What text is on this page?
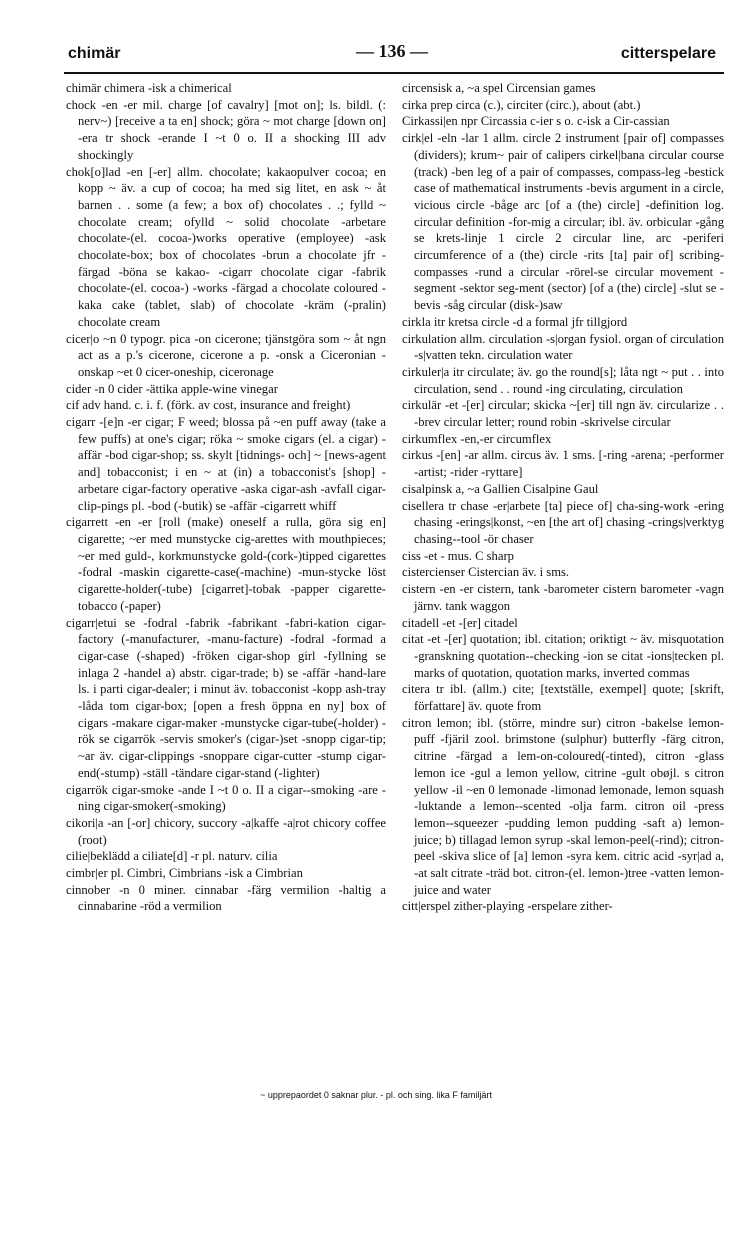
chimär	— 136 —	citterspelare

chimär chimera -isk a chimerical

chock -en -er mil. charge [of cavalry] [mot on]; ls. bildl. (: nerv~) [receive a ta en] shock; göra ~ mot charge [down on] -era tr shock -erande I ~t 0 o. II a shocking III adv shockingly

chok[o]lad -en [-er] allm. chocolate; kakaopulver cocoa; en kopp ~ äv. a cup of cocoa; ha med sig litet, en ask ~ åt barnen . . some (a few; a box of) chocolates . .; fylld ~ chocolate cream; ofylld ~ solid chocolate -arbetare chocolate-(el. cocoa-)works operative (employee) -ask chocolate-box; box of chocolates -brun a chocolate jfr -färgad -böna se kakao- -cigarr chocolate cigar -fabrik chocolate-(el. cocoa-) -works -färgad a chocolate coloured -kaka cake (tablet, slab) of chocolate -kräm (-pralin) chocolate cream

cicer|o ~n 0 typogr. pica -on cicerone; tjänstgöra som ~ åt ngn act as a p.'s cicerone, cicerone a p. -onsk a Ciceronian -onskap ~et 0 cicer-oneship, ciceronage

cider -n 0 cider -ättika apple-wine vinegar

cif adv hand. c. i. f. (förk. av cost, insurance and freight)

cigarr -[e]n -er cigar; F weed; blossa på ~en puff away (take a few puffs) at one's cigar; röka ~ smoke cigars (el. a cigar) -affär -bod cigar-shop; ss. skylt [tidnings- och] ~ [news-agent and] tobacconist; i en ~ at (in) a tobacconist's [shop] -arbetare cigar-factory operative -aska cigar-ash -avfall cigar-clip-pings pl. -bod (-butik) se -affär -cigarrett whiff

cigarrett -en -er [roll (make) oneself a rulla, göra sig en] cigarette; ~er med munstycke cig-arettes with mouthpieces; ~er med guld-, korkmunstycke gold-(cork-)tipped cigarettes -fodral -maskin cigarette-case(-machine) -mun-stycke löst cigarette-holder(-tube) [cigarret]-tobak -papper cigarette-tobacco (-paper)

cigarr|etui se -fodral -fabrik -fabrikant -fabri-kation cigar-factory (-manufacturer, -manu-facture) -fodral -formad a cigar-case (-shaped) -fröken cigar-shop girl -fyllning se inlaga 2 -handel a) abstr. cigar-trade; b) se -affär -hand-lare ls. i parti cigar-dealer; i minut äv. tobacconist -kopp ash-tray -låda tom cigar-box; [open a fresh öppna en ny] box of cigars -makare cigar-maker -munstycke cigar-tube(-holder) -rök se cigarrök -servis smoker's (cigar-)set -snopp cigar-tip; ~ar äv. cigar-clippings -snoppare cigar-cutter -stump cigar-end(-stump) -ställ -tändare cigar-stand (-lighter)

cigarrök cigar-smoke -ande I ~t 0 o. II a cigar--smoking -are -ning cigar-smoker(-smoking)

cikori|a -an [-or] chicory, succory -a|kaffe -a|rot chicory coffee (root)

cilie|beklädd a ciliate[d] -r pl. naturv. cilia

cimbr|er pl. Cimbri, Cimbrians -isk a Cimbrian

cinnober -n 0 miner. cinnabar -färg vermilion -haltig a cinnabarine -röd a vermilion

circensisk a, ~a spel Circensian games

cirka prep circa (c.), circiter (circ.), about (abt.)

Cirkassi|en npr Circassia c-ier s o. c-isk a Cir-cassian

cirk|el -eln -lar 1 allm. circle 2 instrument [pair of] compasses (dividers); krum~ pair of calipers cirkel|bana circular course (track) -ben leg of a pair of compasses, compass-leg -bestick case of mathematical instruments -bevis argument in a circle, vicious circle -båge arc [of a (the) circle] -definition log. circular definition -for-mig a circular; ibl. äv. orbicular -gång se krets-linje 1 circle 2 circular line, arc -periferi circumference of a (the) circle -rits [ta] pair of] scribing-compasses -rund a circular -rörel-se circular movement -segment -sektor seg-ment (sector) [of a (the) circle] -slut se -bevis -såg circular (disk-)saw

cirkla itr kretsa circle -d a formal jfr tillgjord

cirkulation allm. circulation -s|organ fysiol. organ of circulation -s|vatten tekn. circulation water

cirkuler|a itr circulate; äv. go the round[s]; låta ngt ~ put . . into circulation, send . . round -ing circulating, circulation

cirkulär -et -[er] circular; skicka ~[er] till ngn äv. circularize . . -brev circular letter; round robin -skrivelse circular

cirkumflex -en,-er circumflex

cirkus -[en] -ar allm. circus äv. 1 sms. [-ring -arena; -performer -artist; -rider -ryttare]

cisalpinsk a, ~a Gallien Cisalpine Gaul

cisellera tr chase -er|arbete [ta] piece of] cha-sing-work -ering chasing -erings|konst, ~en [the art of] chasing -crings|verktyg chasing--tool -ör chaser

ciss -et - mus. C sharp

cistercienser Cistercian äv. i sms.

cistern -en -er cistern, tank -barometer cistern barometer -vagn järnv. tank waggon

citadell -et -[er] citadel

citat -et -[er] quotation; ibl. citation; oriktigt ~ äv. misquotation -granskning quotation--checking -ion se citat -ions|tecken pl. marks of quotation, quotation marks, inverted commas

citera tr ibl. (allm.) cite; [textställe, exempel] quote; [skrift, författare] äv. quote from

citron lemon; ibl. (större, mindre sur) citron -bakelse lemon-puff -fjäril zool. brimstone (sulphur) butterfly -färg citron, citrine -färgad a lem-on-coloured(-tinted), citron -glass lemon ice -gul a lemon yellow, citrine -gult obøjl. s citron yellow -il ~en 0 lemonade -limonad lemonade, lemon squash -luktande a lemon--scented -olja farm. citron oil -press lemon--squeezer -pudding lemon pudding -saft a) lemon-juice; b) tillagad lemon syrup -skal lemon-peel(-rind); citron-peel -skiva slice of [a] lemon -syra kem. citric acid -syr|ad a, -at salt citrate -träd bot. citron-(el. lemon-)tree -vatten lemon-juice and water

citt|erspel zither-playing -erspelare zither-

~ upprepaordet 0 saknar plur. - pl. och sing. lika F familjärt
